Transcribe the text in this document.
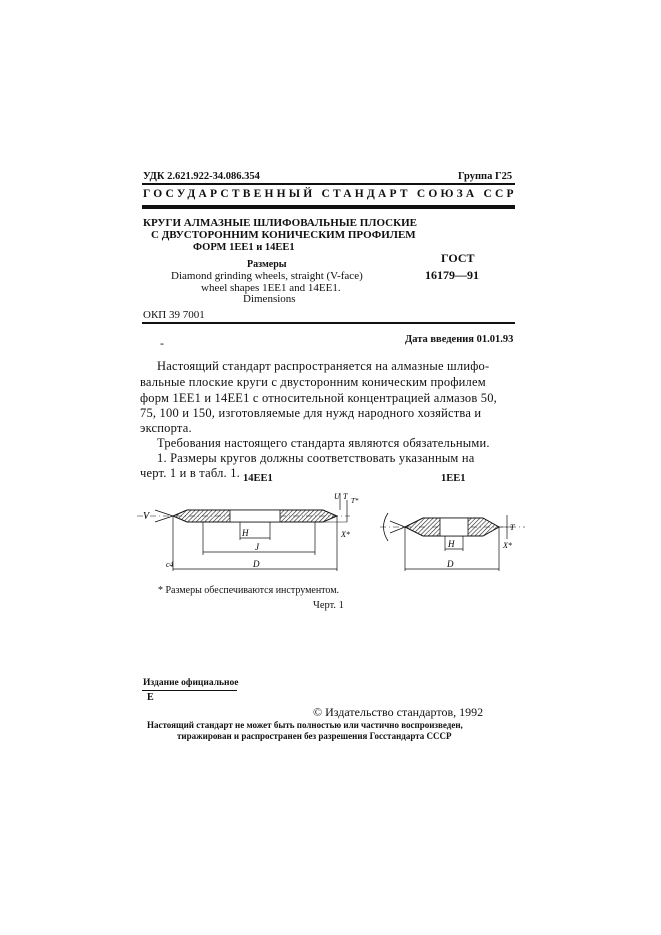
УДК 2.621.922-34.086.354	Группа Г25
ГОСУДАРСТВЕННЫЙ СТАНДАРТ СОЮЗА ССР
КРУГИ АЛМАЗНЫЕ ШЛИФОВАЛЬНЫЕ ПЛОСКИЕ
С ДВУСТОРОННИМ КОНИЧЕСКИМ ПРОФИЛЕМ
ФОРМ 1ЕЕ1 и 14ЕЕ1
Размеры
Diamond grinding wheels, straight (V-face)
wheel shapes 1EE1 and 14EE1.
Dimensions
ГОСТ
16179—91
ОКП 39 7001
Дата введения 01.01.93
-
Настоящий стандарт распространяется на алмазные шлифо-
вальные плоские круги с двусторонним коническим профилем
форм 1ЕЕ1 и 14ЕЕ1 с относительной концентрацией алмазов 50,
75, 100 и 150, изготовляемые для нужд народного хозяйства и
экспорта.
Требования настоящего стандарта являются обязательными.
1. Размеры кругов должны соответствовать указанным на
черт. 1 и в табл. 1. 14ЕЕ1	1ЕЕ1
V
U T T*
H
J
D
X*
c4
H
D
T
X*
* Размеры обеспечиваются инструментом.
Черт. 1
Издание официальное
Е
© Издательство стандартов, 1992
Настоящий стандарт не может быть полностью или частично воспроизведен,
тиражирован и распространен без разрешения Госстандарта СССР
